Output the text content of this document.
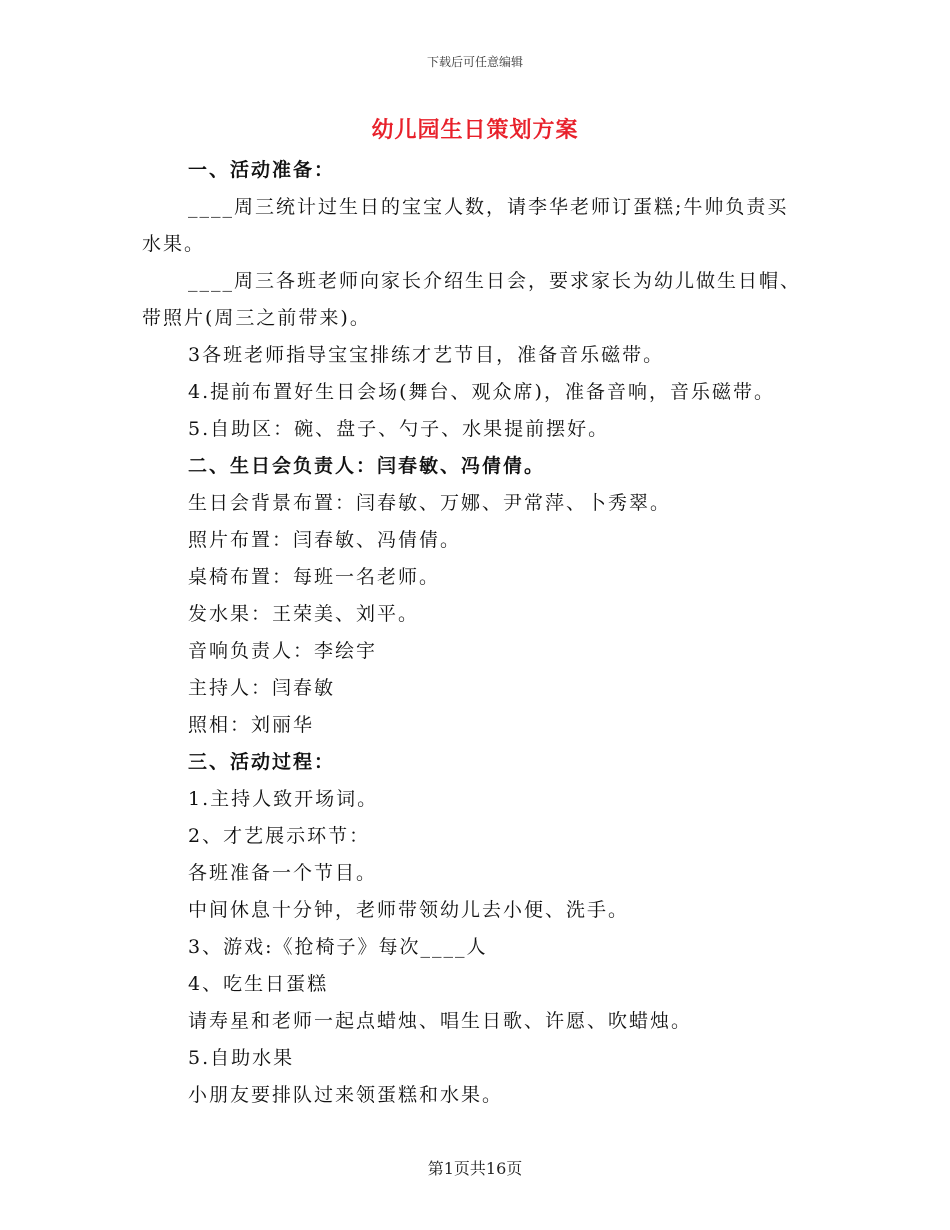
下载后可任意编辑
幼儿园生日策划方案
一、活动准备：
____周三统计过生日的宝宝人数，请李华老师订蛋糕;牛帅负责买
水果。
____周三各班老师向家长介绍生日会，要求家长为幼儿做生日帽、
带照片(周三之前带来)。
3各班老师指导宝宝排练才艺节目，准备音乐磁带。
4.提前布置好生日会场(舞台、观众席)，准备音响，音乐磁带。
5.自助区：碗、盘子、勺子、水果提前摆好。
二、生日会负责人：闫春敏、冯倩倩。
生日会背景布置：闫春敏、万娜、尹常萍、卜秀翠。
照片布置：闫春敏、冯倩倩。
桌椅布置：每班一名老师。
发水果：王荣美、刘平。
音响负责人：李绘宇
主持人：闫春敏
照相：刘丽华
三、活动过程：
1.主持人致开场词。
2、才艺展示环节：
各班准备一个节目。
中间休息十分钟，老师带领幼儿去小便、洗手。
3、游戏:《抢椅子》每次____人
4、吃生日蛋糕
请寿星和老师一起点蜡烛、唱生日歌、许愿、吹蜡烛。
5.自助水果
小朋友要排队过来领蛋糕和水果。
第1页共16页
